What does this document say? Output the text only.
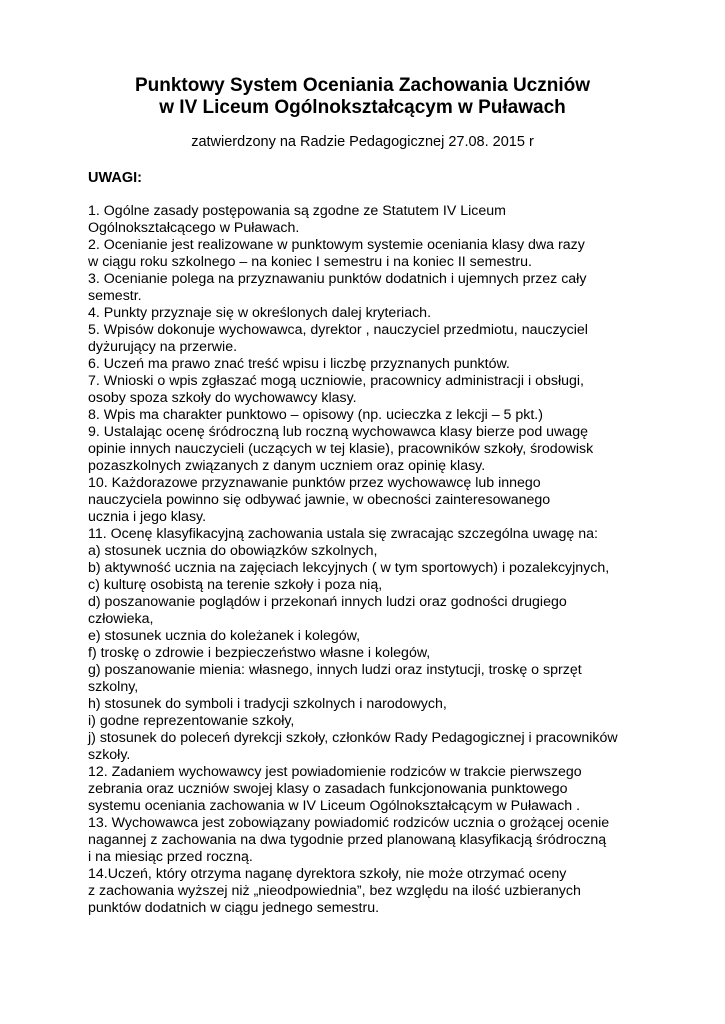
Punktowy System Oceniania Zachowania Uczniów
w IV Liceum Ogólnokształcącym w Puławach

zatwierdzony na Radzie Pedagogicznej 27.08. 2015 r

UWAGI:

1. Ogólne zasady postępowania są zgodne ze Statutem IV Liceum
Ogólnokształcącego w Puławach.
2. Ocenianie jest realizowane w punktowym systemie oceniania klasy dwa razy
w ciągu roku szkolnego – na koniec I semestru i na koniec II semestru.
3. Ocenianie polega na przyznawaniu punktów dodatnich i ujemnych przez cały
semestr.
4. Punkty przyznaje się w określonych dalej kryteriach.
5. Wpisów dokonuje wychowawca, dyrektor , nauczyciel przedmiotu, nauczyciel
dyżurujący na przerwie.
6. Uczeń ma prawo znać treść wpisu i liczbę przyznanych punktów.
7. Wnioski o wpis zgłaszać mogą uczniowie, pracownicy administracji i obsługi,
osoby spoza szkoły do wychowawcy klasy.
8. Wpis ma charakter punktowo – opisowy (np. ucieczka z lekcji – 5 pkt.)
9. Ustalając ocenę śródroczną lub roczną wychowawca klasy bierze pod uwagę
opinie innych nauczycieli (uczących w tej klasie), pracowników szkoły, środowisk
pozaszkolnych związanych z danym uczniem oraz opinię klasy.
10. Każdorazowe przyznawanie punktów przez wychowawcę lub innego
nauczyciela powinno się odbywać jawnie, w obecności zainteresowanego
ucznia i jego klasy.
11. Ocenę klasyfikacyjną zachowania ustala się zwracając szczególna uwagę na:
a) stosunek ucznia do obowiązków szkolnych,
b) aktywność ucznia na zajęciach lekcyjnych ( w tym sportowych) i pozalekcyjnych,
c) kulturę osobistą na terenie szkoły i poza nią,
d) poszanowanie poglądów i przekonań innych ludzi oraz godności drugiego
człowieka,
e) stosunek ucznia do koleżanek i kolegów,
f) troskę o zdrowie i bezpieczeństwo własne i kolegów,
g) poszanowanie mienia: własnego, innych ludzi oraz instytucji, troskę o sprzęt
szkolny,
h) stosunek do symboli i tradycji szkolnych i narodowych,
i) godne reprezentowanie szkoły,
j) stosunek do poleceń dyrekcji szkoły, członków Rady Pedagogicznej i pracowników
szkoły.
12. Zadaniem wychowawcy jest powiadomienie rodziców w trakcie pierwszego
zebrania oraz uczniów swojej klasy o zasadach funkcjonowania punktowego
systemu oceniania zachowania w IV Liceum Ogólnokształcącym w Puławach .
13. Wychowawca jest zobowiązany powiadomić rodziców ucznia o grożącej ocenie
nagannej z zachowania na dwa tygodnie przed planowaną klasyfikacją śródroczną
i na miesiąc przed roczną.
14.Uczeń, który otrzyma naganę dyrektora szkoły, nie może otrzymać oceny
z zachowania wyższej niż „nieodpowiednia”, bez względu na ilość uzbieranych
punktów dodatnich w ciągu jednego semestru.
